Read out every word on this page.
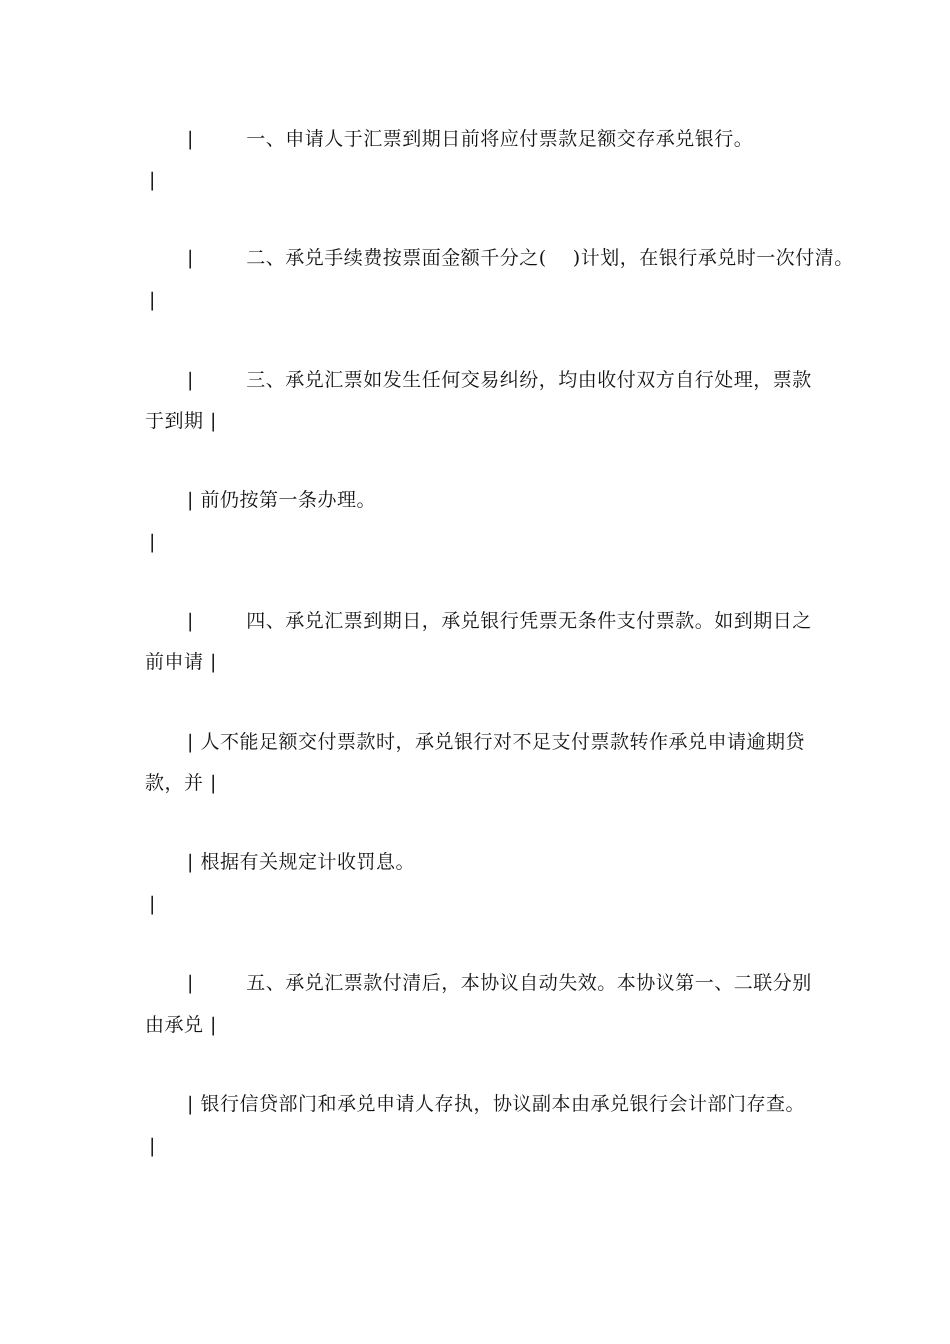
|        一、申请人于汇票到期日前将应付票款足额交存承兑银行。
|
|        二、承兑手续费按票面金额千分之(    )计划，在银行承兑时一次付清。
|
|        三、承兑汇票如发生任何交易纠纷，均由收付双方自行处理，票款
于到期 |
| 前仍按第一条办理。
|
|        四、承兑汇票到期日，承兑银行凭票无条件支付票款。如到期日之
前申请 |
| 人不能足额交付票款时，承兑银行对不足支付票款转作承兑申请逾期贷
款，并 |
| 根据有关规定计收罚息。
|
|        五、承兑汇票款付清后，本协议自动失效。本协议第一、二联分别
由承兑 |
| 银行信贷部门和承兑申请人存执，协议副本由承兑银行会计部门存查。
|
